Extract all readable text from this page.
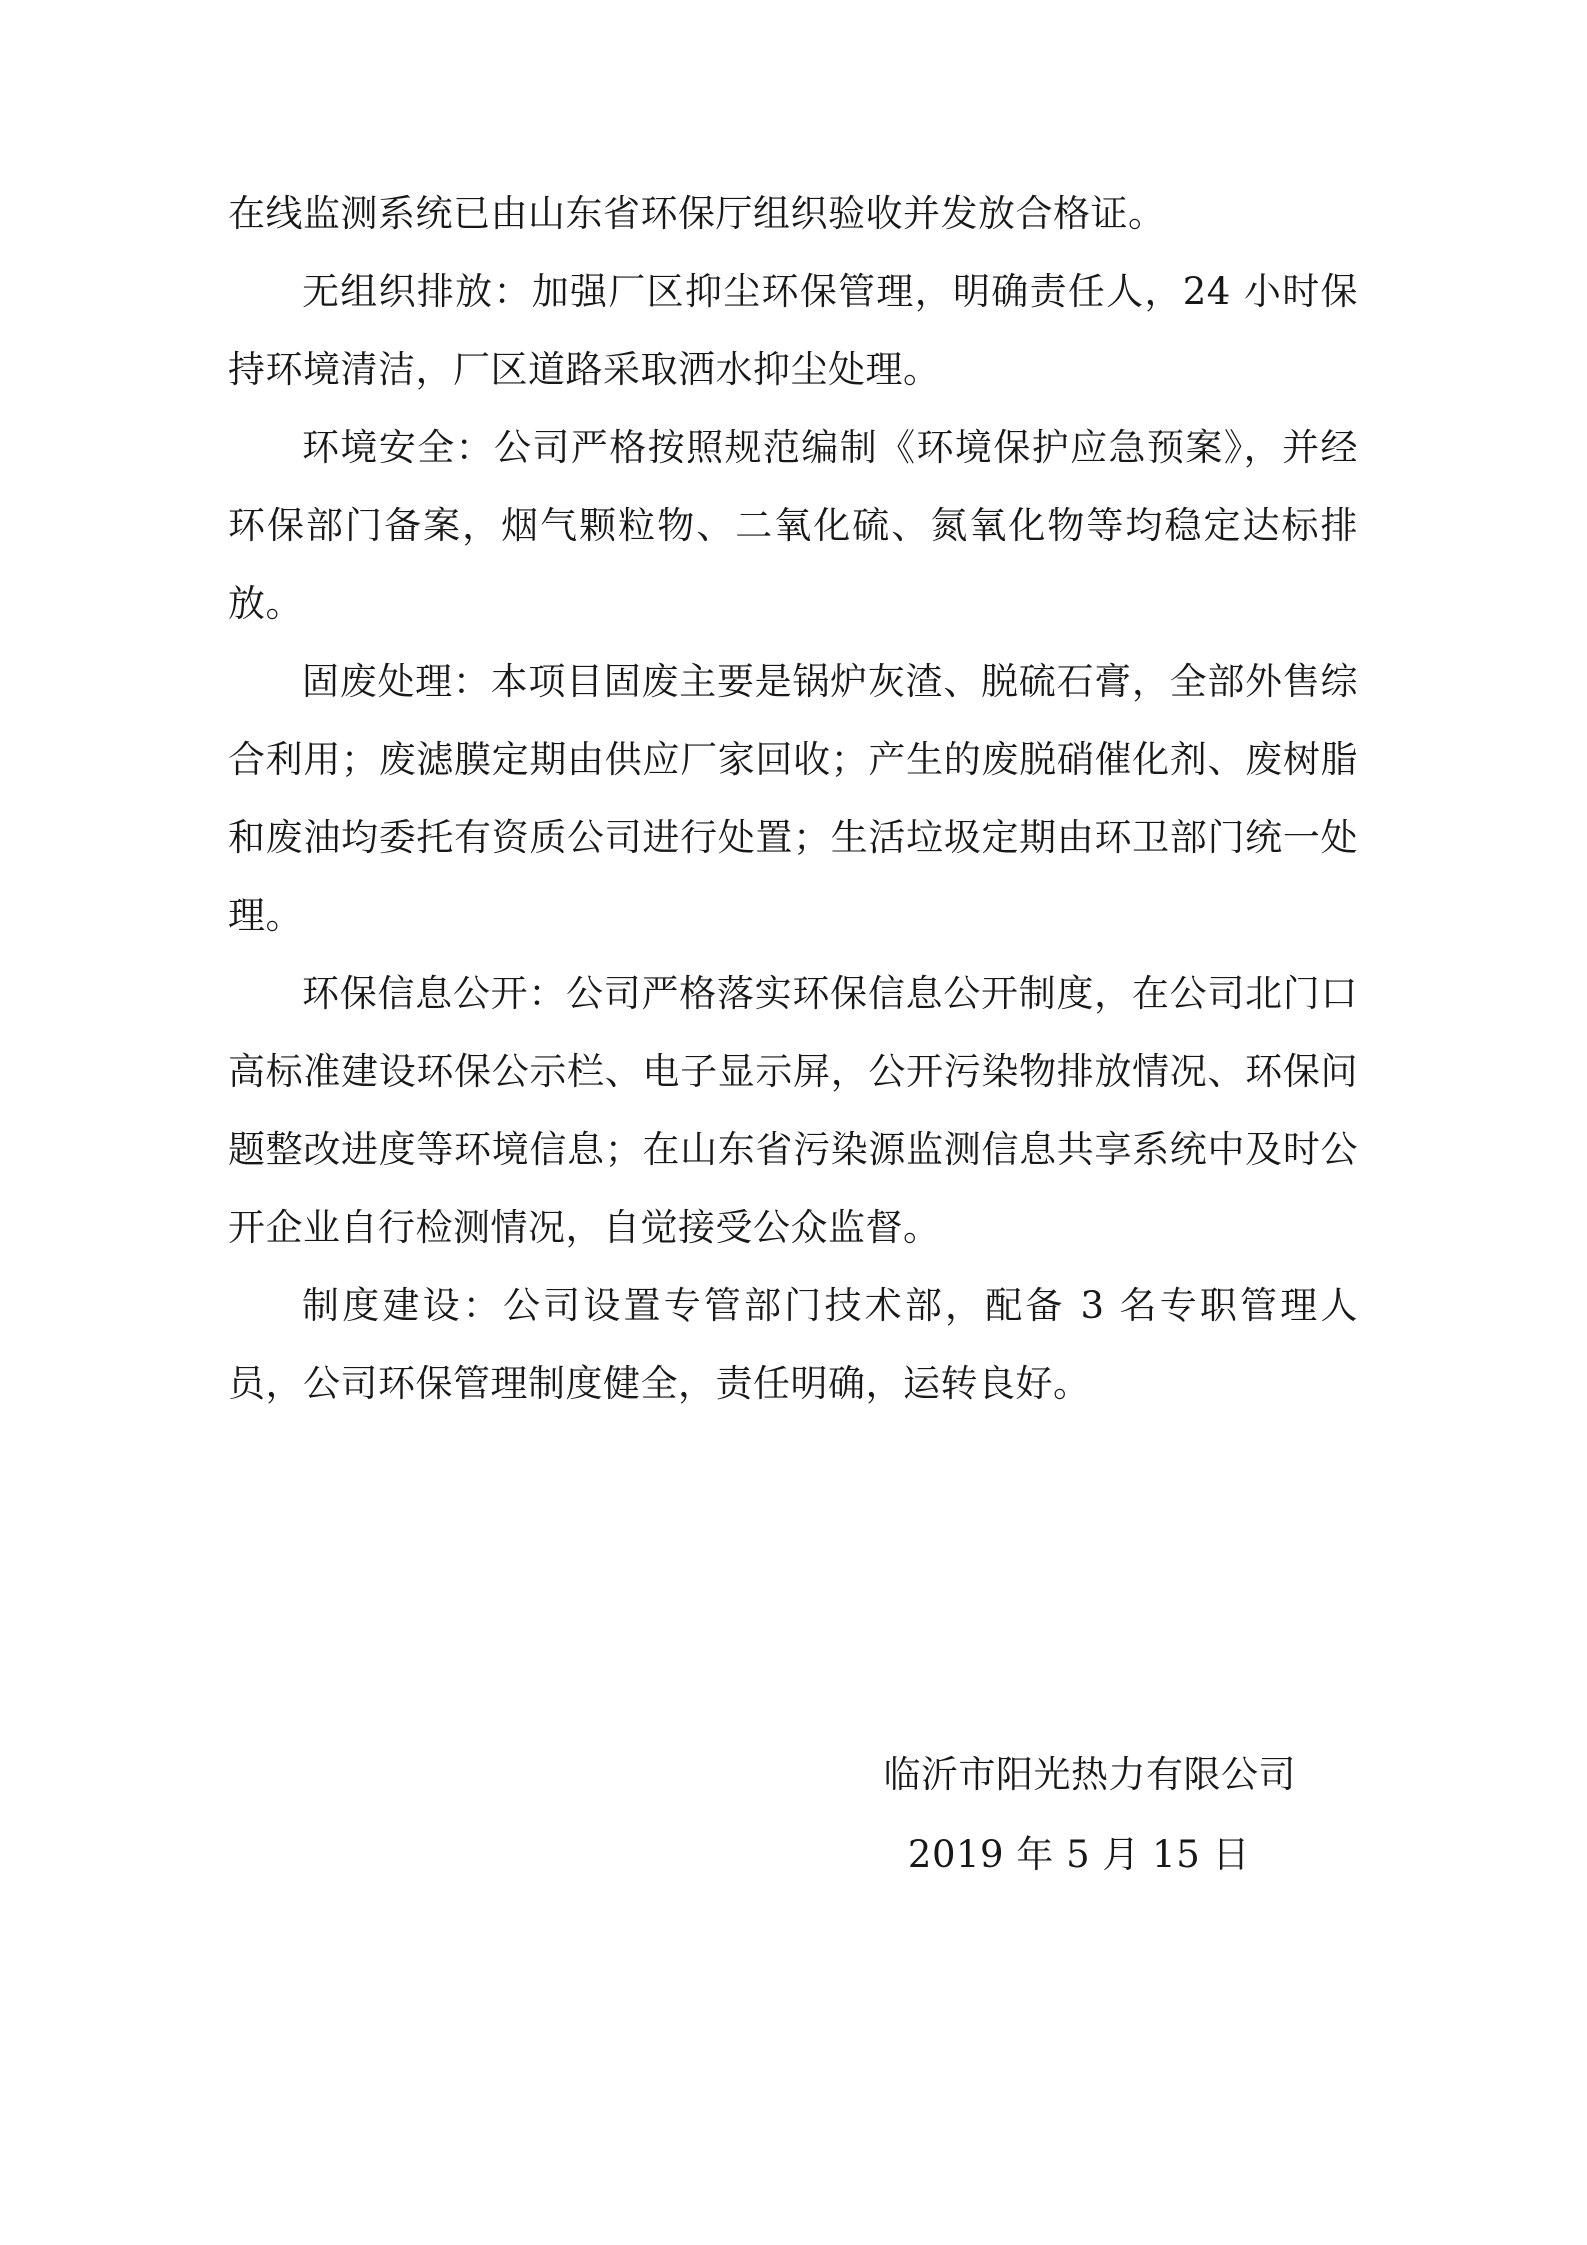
在线监测系统已由山东省环保厅组织验收并发放合格证。

无组织排放：加强厂区抑尘环保管理，明确责任人，24 小时保持环境清洁，厂区道路采取洒水抑尘处理。

环境安全：公司严格按照规范编制《环境保护应急预案》，并经环保部门备案，烟气颗粒物、二氧化硫、氮氧化物等均稳定达标排放。

固废处理：本项目固废主要是锅炉灰渣、脱硫石膏，全部外售综合利用；废滤膜定期由供应厂家回收；产生的废脱硝催化剂、废树脂和废油均委托有资质公司进行处置；生活垃圾定期由环卫部门统一处理。

环保信息公开：公司严格落实环保信息公开制度，在公司北门口高标准建设环保公示栏、电子显示屏，公开污染物排放情况、环保问题整改进度等环境信息；在山东省污染源监测信息共享系统中及时公开企业自行检测情况，自觉接受公众监督。

制度建设：公司设置专管部门技术部，配备 3 名专职管理人员，公司环保管理制度健全，责任明确，运转良好。

临沂市阳光热力有限公司
2019 年 5 月 15 日
